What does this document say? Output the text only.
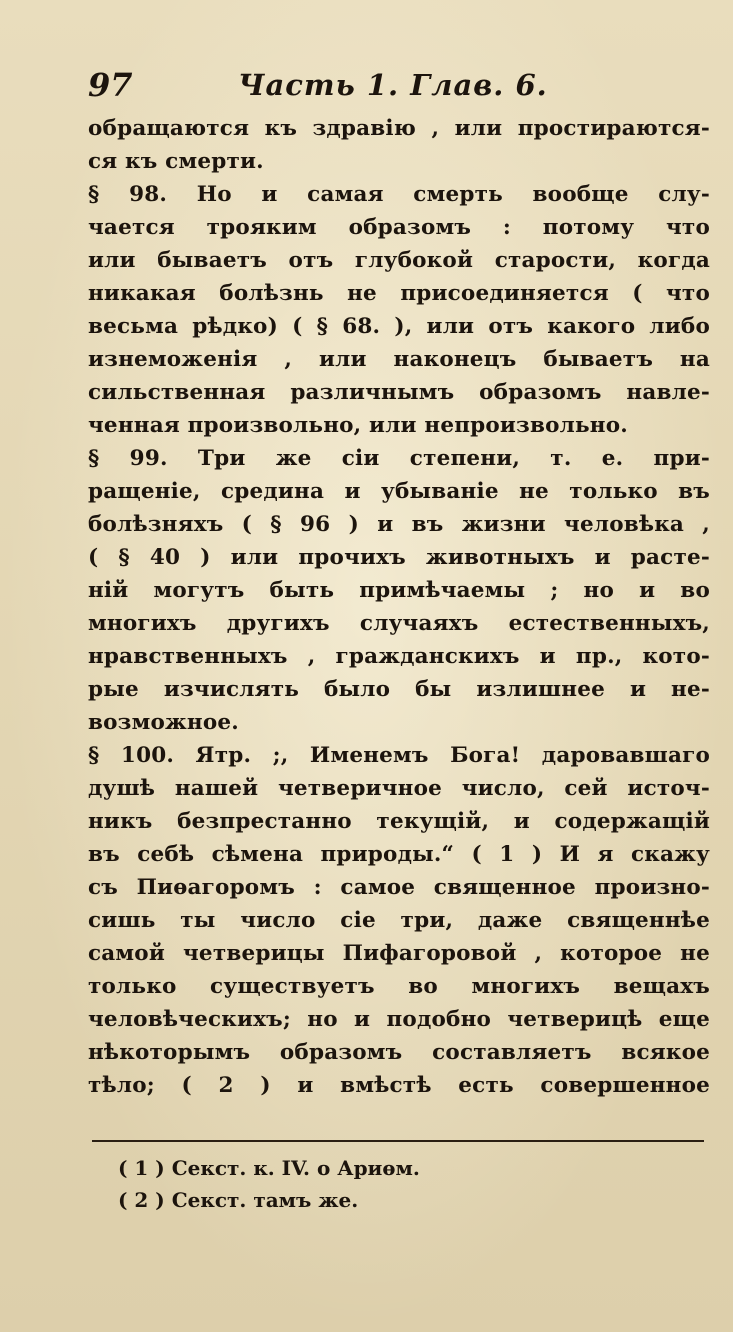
97	Часть 1. Глав. 6.
обращаются къ здравію , или простираются-
ся къ смерти.
§ 98. Но и самая смерть вообще слу-
чается трояким образомъ : потому что
или бываетъ отъ глубокой старости, когда
никакая болѣзнь не присоединяется ( что
весьма рѣдко) ( § 68. ), или отъ какого либо
изнеможенія , или наконецъ бываетъ на
сильственная различнымъ образомъ навле-
ченная произвольно, или непроизвольно.
§ 99. Три же сіи степени, т. е. при-
ращеніе, средина и убываніе не только въ
болѣзняхъ ( § 96 ) и въ жизни человѣка ,
( § 40 ) или прочихъ животныхъ и расте-
ній могутъ быть примѣчаемы ; но и во
многихъ другихъ случаяхъ естественныхъ,
нравственныхъ , гражданскихъ и пр., кото-
рые изчислять было бы излишнее и не-
возможное.
§ 100. Ятр. ;, Именемъ Бога! даровавшаго
душѣ нашей четверичное число, сей источ-
никъ безпрестанно текущій, и содержащій
въ себѣ сѣмена природы.“ ( 1 ) И я скажу
съ Пиѳагоромъ : самое священное произно-
сишь ты число сіе три, даже священнѣе
самой четверицы Пифагоровой , которое не
только существуетъ во многихъ вещахъ
человѣческихъ; но и подобно четверицѣ еще
нѣкоторымъ образомъ составляетъ всякое
тѣло; ( 2 ) и вмѣстѣ есть совершенное
( 1 ) Секст. к. IV. о Ариѳм.
( 2 ) Секст. тамъ же.
